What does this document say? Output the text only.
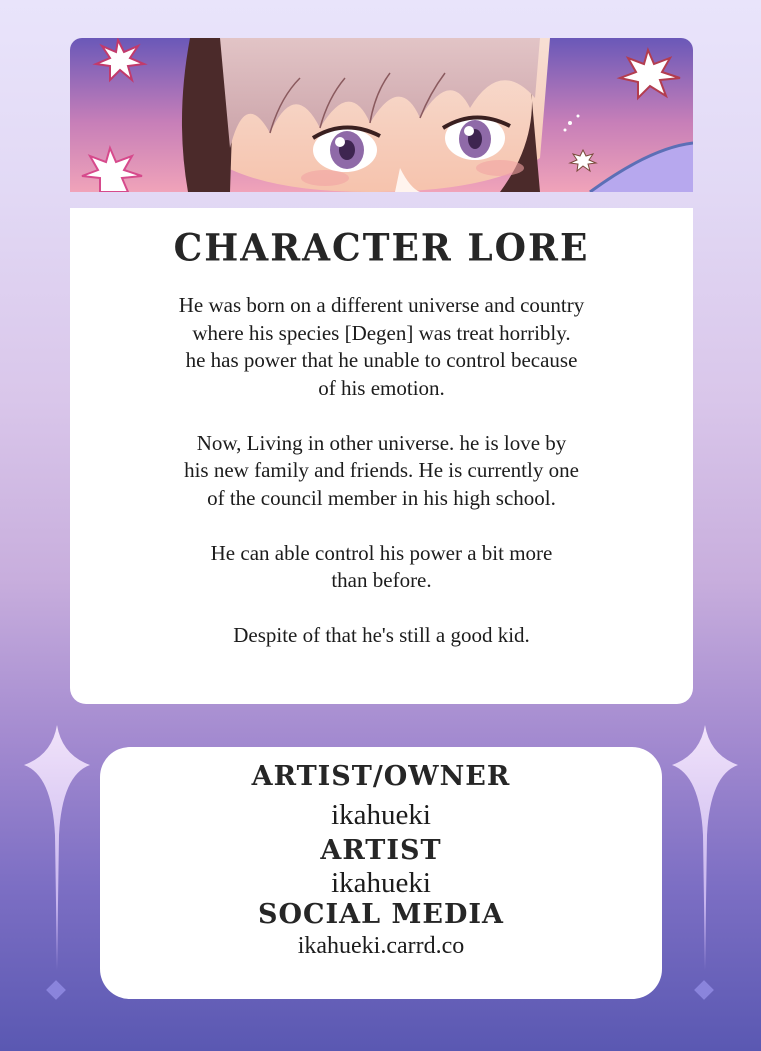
CHARACTER LORE

He was born on a different universe and country
where his species [Degen] was treat horribly.
he has power that he unable to control because
of his emotion.

Now, Living in other universe. he is love by
his new family and friends. He is currently one
of the council member in his high school.

He can able control his power a bit more
than before.

Despite of that he's still a good kid.

ARTIST/OWNER

ikahueki

ARTIST

ikahueki

SOCIAL MEDIA

ikahueki.carrd.co
